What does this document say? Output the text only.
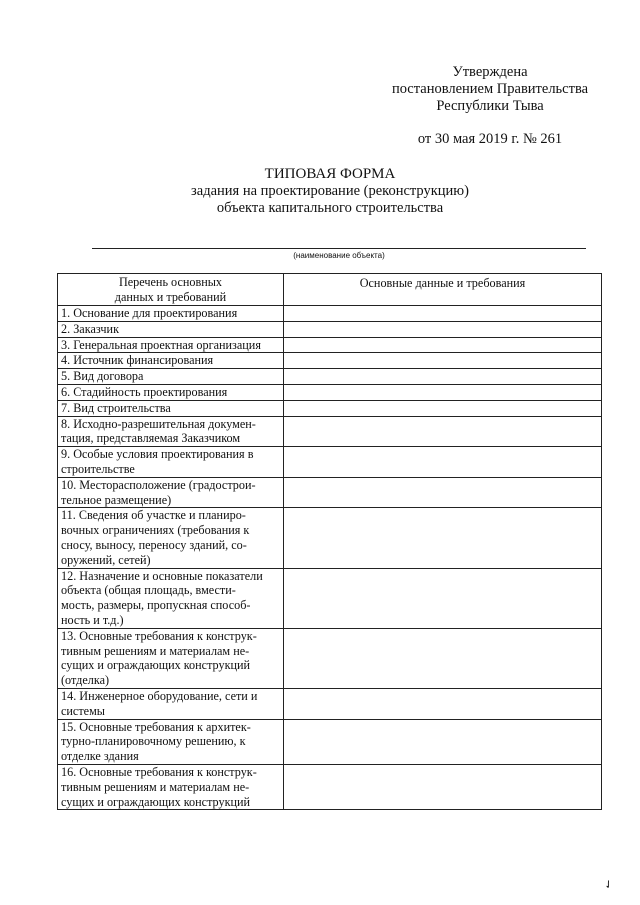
Утверждена
постановлением Правительства
Республики Тыва
от 30 мая 2019 г. № 261
ТИПОВАЯ ФОРМА
задания на проектирование (реконструкцию)
объекта капитального строительства
(наименование объекта)
Перечень основных
данных и требований	Основные данные и требования
1. Основание для проектирования	
2. Заказчик	
3. Генеральная проектная организация	
4. Источник финансирования	
5. Вид договора	
6. Стадийность проектирования	
7. Вид строительства	
8. Исходно-разрешительная докумен-
тация, представляемая Заказчиком	
9. Особые условия проектирования в
строительстве	
10. Месторасположение (градострои-
тельное размещение)	
11. Сведения об участке и планиро-
вочных ограничениях (требования к
сносу, выносу, переносу зданий, со-
оружений, сетей)	
12. Назначение и основные показатели
объекта (общая площадь, вмести-
мость, размеры, пропускная способ-
ность и т.д.)	
13. Основные требования к конструк-
тивным решениям и материалам не-
сущих и ограждающих конструкций
(отделка)	
14. Инженерное оборудование, сети и
системы	
15. Основные требования к архитек-
турно-планировочному решению, к
отделке здания	
16. Основные требования к конструк-
тивным решениям и материалам не-
сущих и ограждающих конструкций	
✓
